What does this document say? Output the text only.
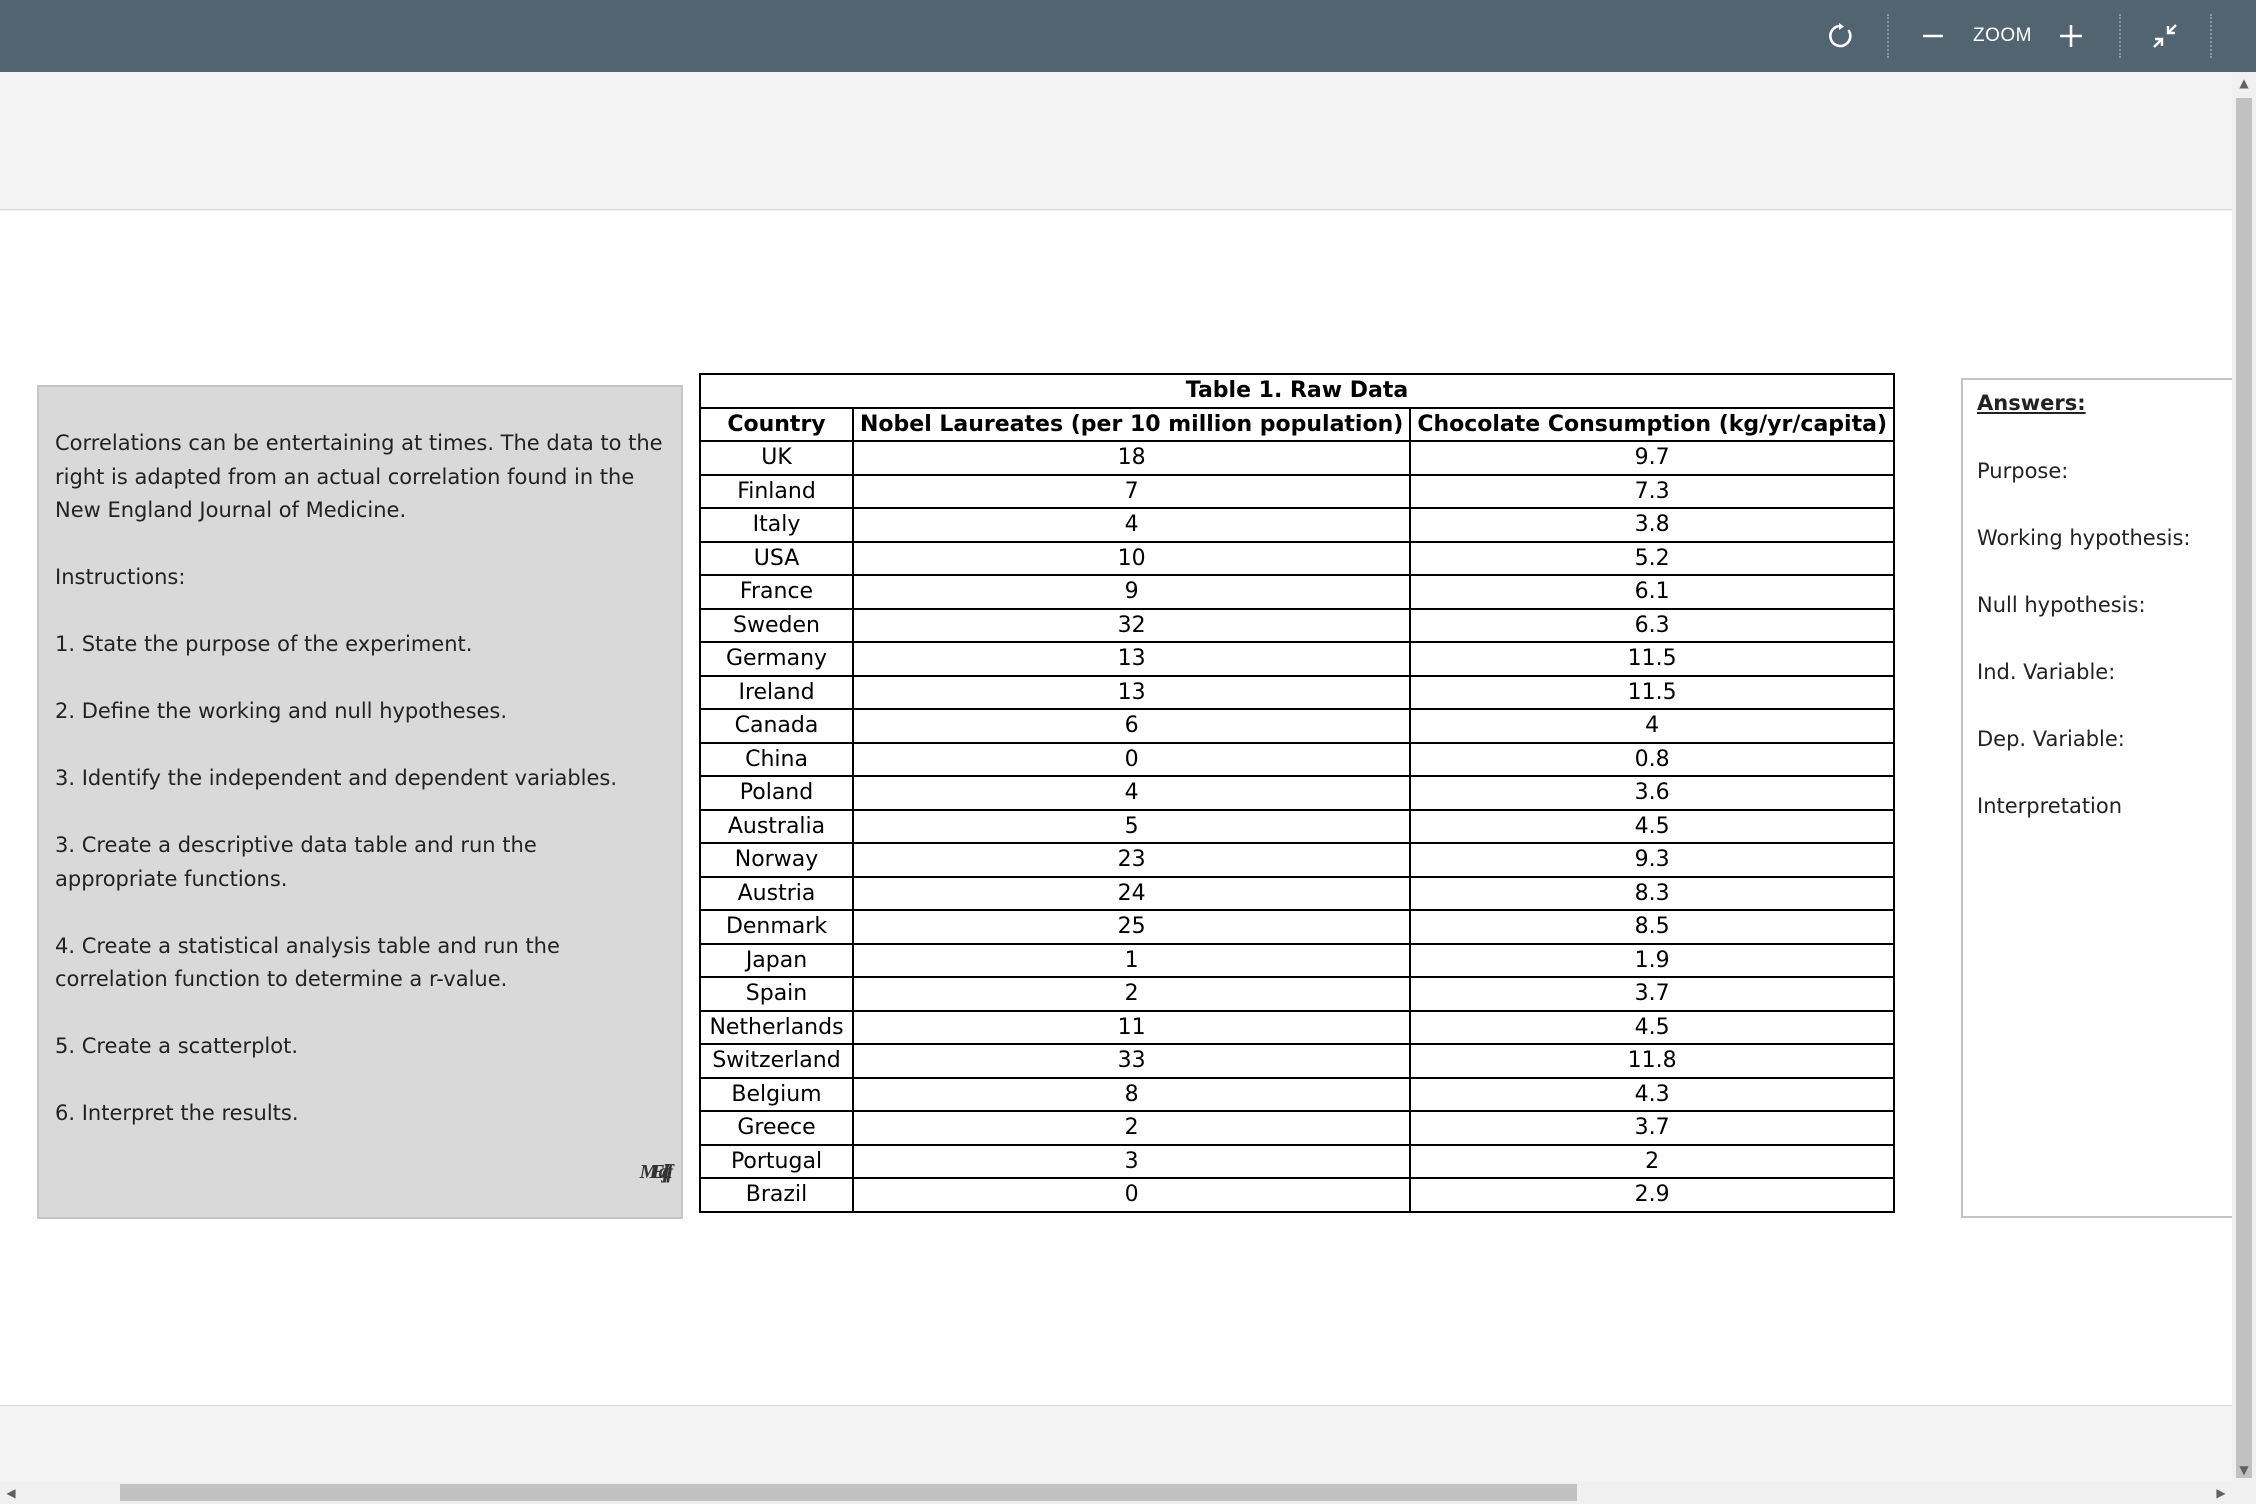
ZOOM

Correlations can be entertaining at times. The data to the right is adapted from an actual correlation found in the New England Journal of Medicine.

Instructions:

1. State the purpose of the experiment.

2. Define the working and null hypotheses.

3. Identify the independent and dependent variables.

3. Create a descriptive data table and run the appropriate functions.

4. Create a statistical analysis table and run the correlation function to determine a r-value.

5. Create a scatterplot.

6. Interpret the results.

MEdfjftiiaf
Table 1. Raw Data		
Country	Nobel Laureates (per 10 million population)	Chocolate Consumption (kg/yr/capita)
UK	18	9.7
Finland	7	7.3
Italy	4	3.8
USA	10	5.2
France	9	6.1
Sweden	32	6.3
Germany	13	11.5
Ireland	13	11.5
Canada	6	4
China	0	0.8
Poland	4	3.6
Australia	5	4.5
Norway	23	9.3
Austria	24	8.3
Denmark	25	8.5
Japan	1	1.9
Spain	2	3.7
Netherlands	11	4.5
Switzerland	33	11.8
Belgium	8	4.3
Greece	2	3.7
Portugal	3	2
Brazil	0	2.9
Answers:
Purpose:
Working hypothesis:
Null hypothesis:
Ind. Variable:
Dep. Variable:
Interpretation
▲
▼
◀	▶
